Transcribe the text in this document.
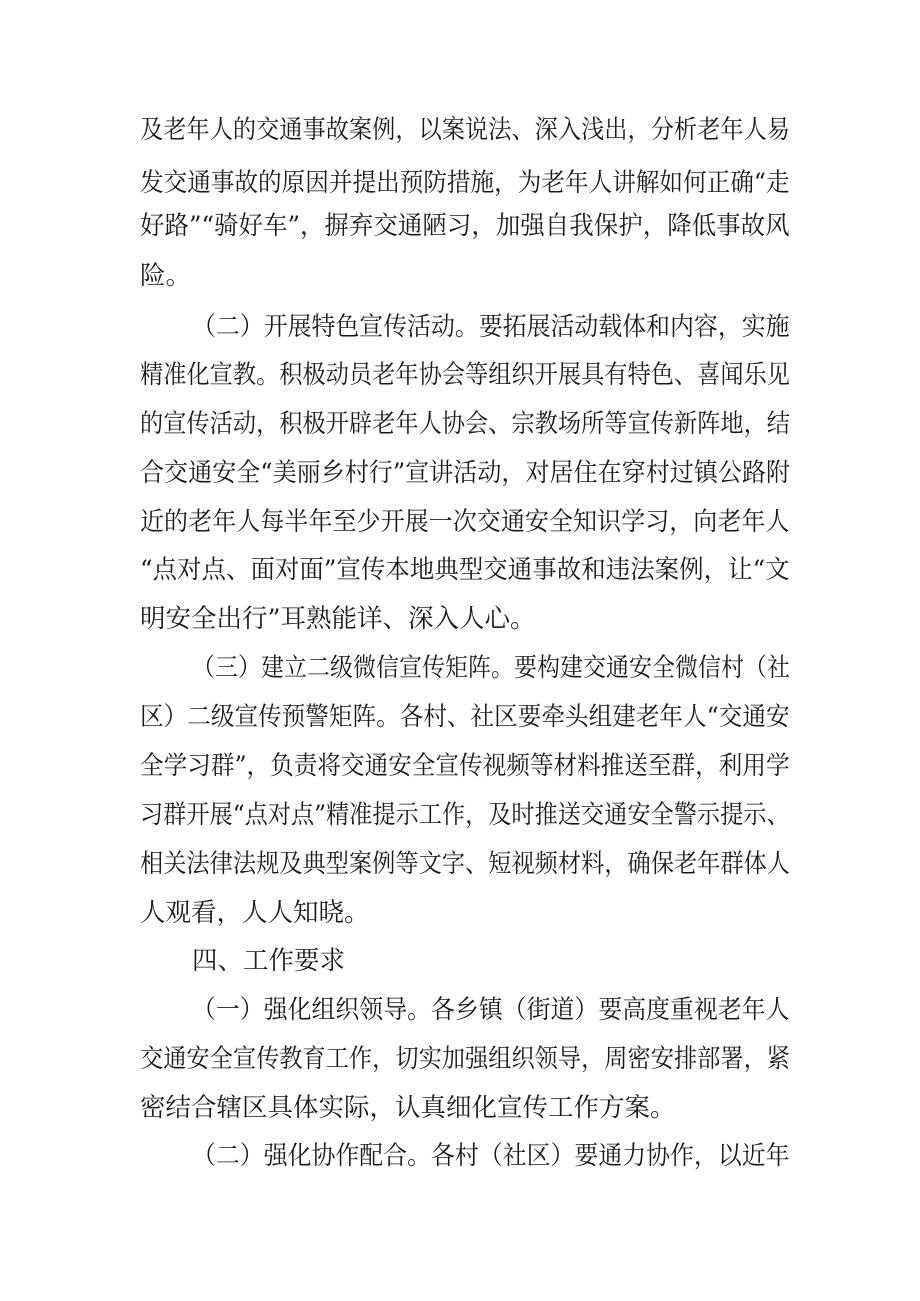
及老年人的交通事故案例，以案说法、深入浅出，分析老年人易
发交通事故的原因并提出预防措施，为老年人讲解如何正确“走
好路”“骑好车”，摒弃交通陋习，加强自我保护，降低事故风
险。
（二）开展特色宣传活动。要拓展活动载体和内容，实施
精准化宣教。积极动员老年协会等组织开展具有特色、喜闻乐见
的宣传活动，积极开辟老年人协会、宗教场所等宣传新阵地，结
合交通安全“美丽乡村行”宣讲活动，对居住在穿村过镇公路附
近的老年人每半年至少开展一次交通安全知识学习，向老年人
“点对点、面对面”宣传本地典型交通事故和违法案例，让“文
明安全出行”耳熟能详、深入人心。
（三）建立二级微信宣传矩阵。要构建交通安全微信村（社
区）二级宣传预警矩阵。各村、社区要牵头组建老年人“交通安
全学习群”，负责将交通安全宣传视频等材料推送至群，利用学
习群开展“点对点”精准提示工作，及时推送交通安全警示提示、
相关法律法规及典型案例等文字、短视频材料，确保老年群体人
人观看，人人知晓。
四、工作要求
（一）强化组织领导。各乡镇（街道）要高度重视老年人
交通安全宣传教育工作，切实加强组织领导，周密安排部署，紧
密结合辖区具体实际，认真细化宣传工作方案。
（二）强化协作配合。各村（社区）要通力协作，以近年
